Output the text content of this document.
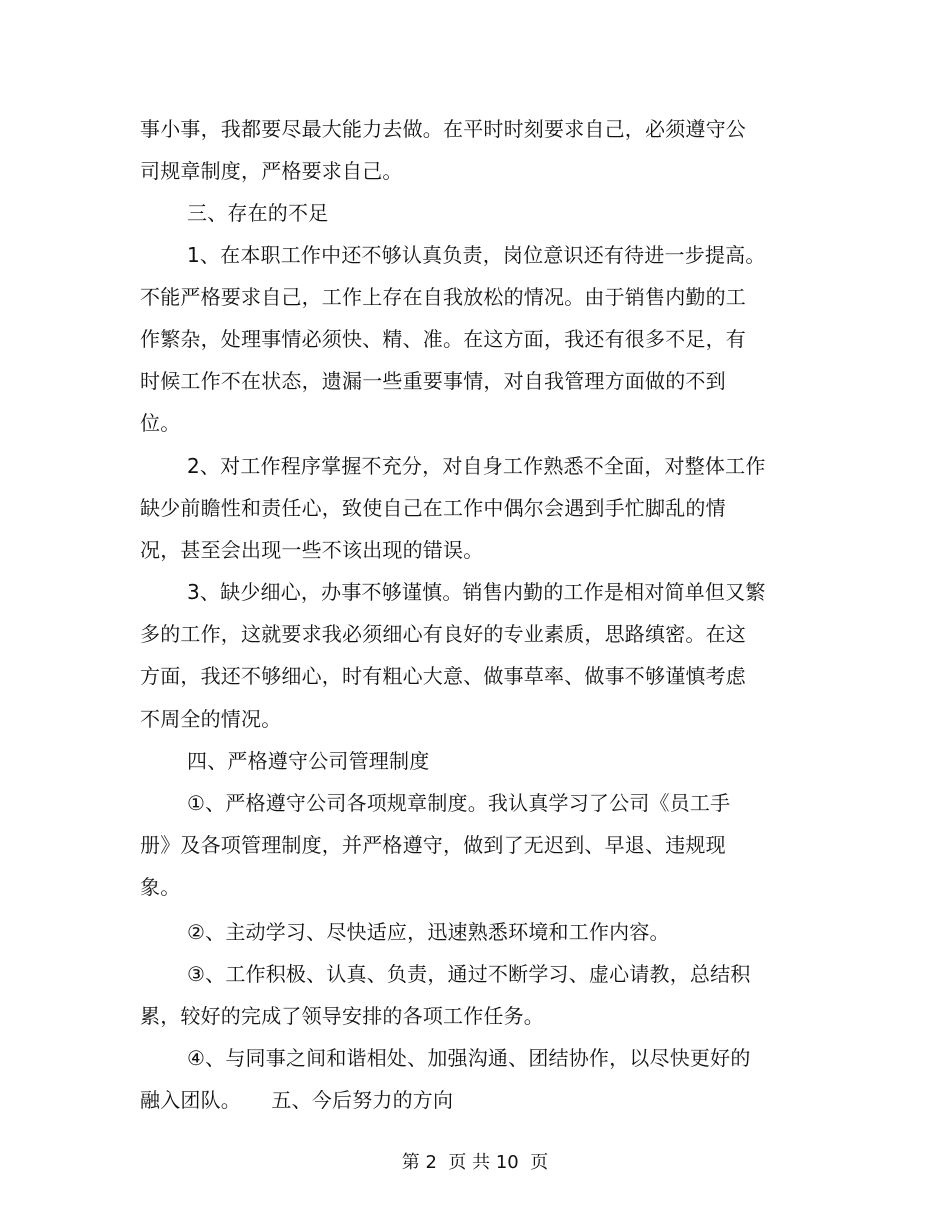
事小事，我都要尽最大能力去做。在平时时刻要求自己，必须遵守公
司规章制度，严格要求自己。
三、存在的不足
1、在本职工作中还不够认真负责，岗位意识还有待进一步提高。
不能严格要求自己，工作上存在自我放松的情况。由于销售内勤的工
作繁杂，处理事情必须快、精、准。在这方面，我还有很多不足，有
时候工作不在状态，遗漏一些重要事情，对自我管理方面做的不到
位。
2、对工作程序掌握不充分，对自身工作熟悉不全面，对整体工作
缺少前瞻性和责任心，致使自己在工作中偶尔会遇到手忙脚乱的情
况，甚至会出现一些不该出现的错误。
3、缺少细心，办事不够谨慎。销售内勤的工作是相对简单但又繁
多的工作，这就要求我必须细心有良好的专业素质，思路缜密。在这
方面，我还不够细心，时有粗心大意、做事草率、做事不够谨慎考虑
不周全的情况。
四、严格遵守公司管理制度
①、严格遵守公司各项规章制度。我认真学习了公司《员工手
册》及各项管理制度，并严格遵守，做到了无迟到、早退、违规现
象。
②、主动学习、尽快适应，迅速熟悉环境和工作内容。
③、工作积极、认真、负责，通过不断学习、虚心请教，总结积
累，较好的完成了领导安排的各项工作任务。
④、与同事之间和谐相处、加强沟通、团结协作，以尽快更好的
融入团队。　　五、今后努力的方向
第 2  页 共 10  页
